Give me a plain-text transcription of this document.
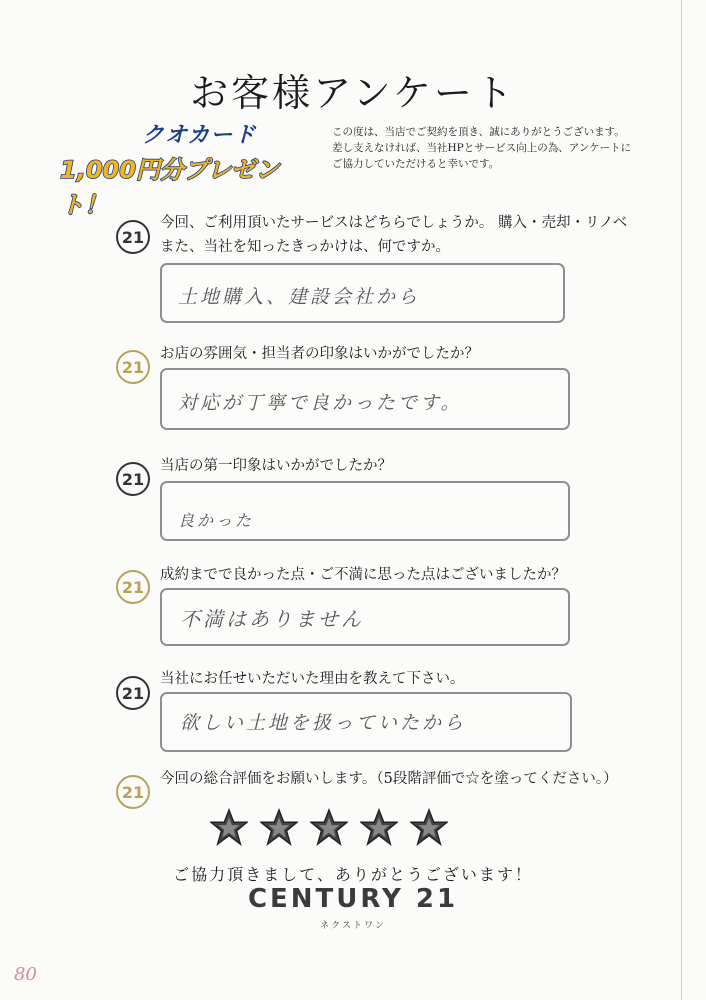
お客様アンケート
クオカード
1,000円分プレゼント！

この度は、当店でご契約を頂き、誠にありがとうございます。

差し支えなければ、当社HPとサービス向上の為、アンケートに

ご協力していただけると幸いです。

21
今回、ご利用頂いたサービスはどちらでしょうか。 購入・売却・リノベ
また、当社を知ったきっかけは、何ですか。
土地購入、建設会社から
21
お店の雰囲気・担当者の印象はいかがでしたか？
対応が丁寧で良かったです。
21
当店の第一印象はいかがでしたか？
良かった
21
成約までで良かった点・ご不満に思った点はございましたか？
不満はありません
21
当社にお任せいただいた理由を教えて下さい。
欲しい土地を扱っていたから
21
今回の総合評価をお願いします。（5段階評価で☆を塗ってください。）
ご協力頂きまして、ありがとうございます！
CENTURY 21
ネクストワン
80
